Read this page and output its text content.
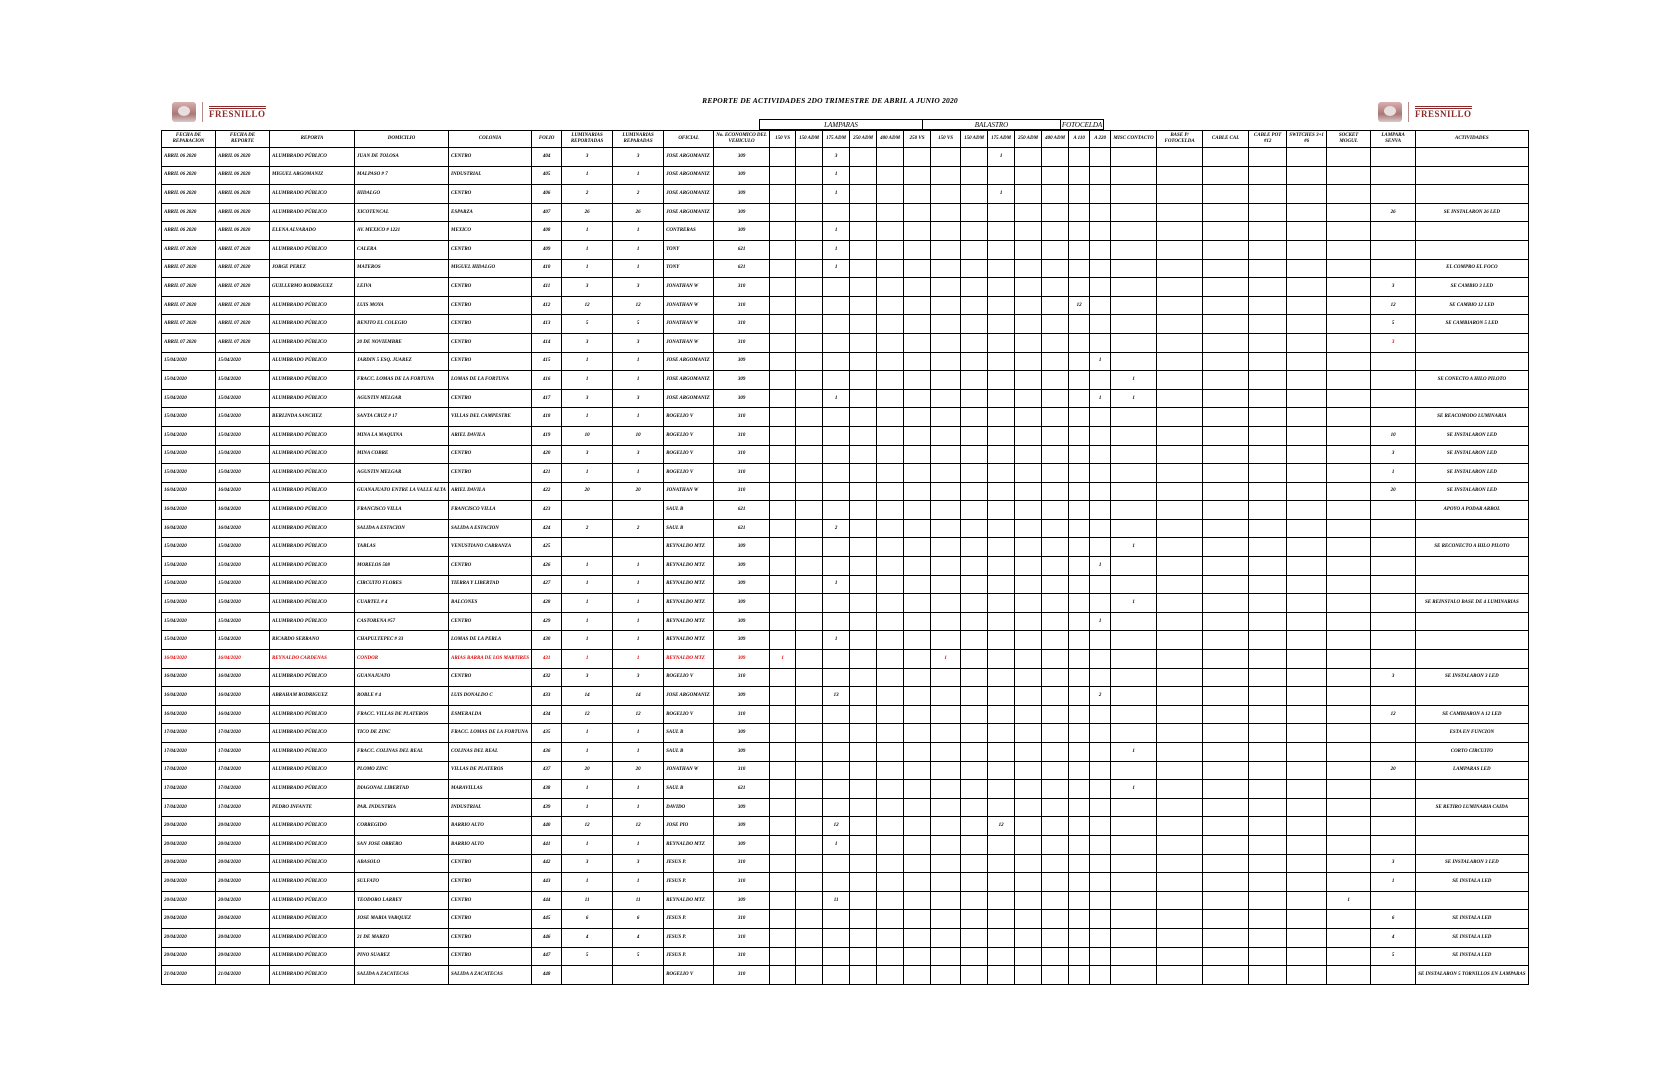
REPORTE DE ACTIVIDADES 2DO TRIMESTRE DE ABRIL A JUNIO 2020
FRESNILLO	FRESNILLO
LAMPARAS	BALASTRO	FOTOCELDA
FECHA DE REPARACION	FECHA DE REPORTE	REPORTA	DOMICILIO	COLONIA	FOLIO	LUMINARIAS REPORTADAS	LUMINARIAS REPARADAS	OFICIAL	No. ECONOMICO DEL VEHICULO	150 VS	150 ADM	175 ADM	250 ADM	400 ADM	250 VS	150 VS	150 ADM	175 ADM	250 ADM	400 ADM	A 110	A 220	MISC CONTACTO	BASE P/ FOTOCELDA	CABLE CAL	CABLE POT #12	SWITCHES 3+1 #6	SOCKET MOGUL	LAMPARA SENVA	ACTIVIDADES
ABRIL 06 2020	ABRIL 06 2020	ALUMBRADO PÚBLICO	JUAN DE TOLOSA	CENTRO	404	3	3	JOSE ARGOMANIZ	309			3						1												
ABRIL 06 2020	ABRIL 06 2020	MIGUEL ARGOMANIZ	MALPASO # 7	INDUSTRIAL	405	1	1	JOSE ARGOMANIZ	309			1																		
ABRIL 06 2020	ABRIL 06 2020	ALUMBRADO PÚBLICO	HIDALGO	CENTRO	406	2	2	JOSE ARGOMANIZ	309			1						1												
ABRIL 06 2020	ABRIL 06 2020	ALUMBRADO PÚBLICO	XICOTENCAL	ESPARZA	407	26	26	JOSE ARGOMANIZ	309																				26	SE INSTALARON 26 LED
ABRIL 06 2020	ABRIL 06 2020	ELENA ALVARADO	AV. MEXICO # 1221	MEXICO	408	1	1	CONTRERAS	309			1																		
ABRIL 07 2020	ABRIL 07 2020	ALUMBRADO PÚBLICO	CALERA	CENTRO	409	1	1	TONY	621			1																		
ABRIL 07 2020	ABRIL 07 2020	JORGE PEREZ	MATEROS	MIGUEL HIDALGO	410	1	1	TONY	621			1																		EL COMPRO EL FOCO
ABRIL 07 2020	ABRIL 07 2020	GUILLERMO RODRIGUEZ	LEIVA	CENTRO	411	3	3	JONATHAN W	310																				3	SE CAMBIO 3 LED
ABRIL 07 2020	ABRIL 07 2020	ALUMBRADO PÚBLICO	LUIS MOYA	CENTRO	412	12	12	JONATHAN W	310												12								12	SE CAMBIO 12 LED
ABRIL 07 2020	ABRIL 07 2020	ALUMBRADO PÚBLICO	BENITO EL COLEGIO	CENTRO	413	5	5	JONATHAN W	310																				5	SE CAMBIARON 5 LED
ABRIL 07 2020	ABRIL 07 2020	ALUMBRADO PÚBLICO	20 DE NOVIEMBRE	CENTRO	414	3	3	JONATHAN W	310																				3	
15/04/2020	15/04/2020	ALUMBRADO PÚBLICO	JARDIN 5 ESQ. JUAREZ	CENTRO	415	1	1	JOSE ARGOMANIZ	309													1								
15/04/2020	15/04/2020	ALUMBRADO PÚBLICO	FRACC. LOMAS DE LA FORTUNA	LOMAS DE LA FORTUNA	416	1	1	JOSE ARGOMANIZ	309														1							SE CONECTO A HILO PILOTO
15/04/2020	15/04/2020	ALUMBRADO PÚBLICO	AGUSTIN MELGAR	CENTRO	417	3	3	JOSE ARGOMANIZ	309			1										1	1							
15/04/2020	15/04/2020	BERLINDA SANCHEZ	SANTA CRUZ # 17	VILLAS DEL CAMPESTRE	418	1	1	ROGELIO V	310																					SE REACOMODO LUMINARIA
15/04/2020	15/04/2020	ALUMBRADO PÚBLICO	MINA LA MAQUINA	ARIEL DAVILA	419	10	10	ROGELIO V	310																				10	SE INSTALARON LED
15/04/2020	15/04/2020	ALUMBRADO PÚBLICO	MINA COBRE	CENTRO	420	3	3	ROGELIO V	310																				3	SE INSTALARON LED
15/04/2020	15/04/2020	ALUMBRADO PÚBLICO	AGUSTIN MELGAR	CENTRO	421	1	1	ROGELIO V	310																				1	SE INSTALARON LED
16/04/2020	16/04/2020	ALUMBRADO PÚBLICO	GUANAJUATO ENTRE LA VALLE ALTA	ARIEL DAVILA	422	20	20	JONATHAN W	310																				20	SE INSTALARON LED
16/04/2020	16/04/2020	ALUMBRADO PÚBLICO	FRANCISCO VILLA	FRANCISCO VILLA	423			SAUL B	621																					APOYO A PODAR ARBOL
16/04/2020	16/04/2020	ALUMBRADO PÚBLICO	SALIDA A ESTACION	SALIDA A ESTACION	424	2	2	SAUL B	621			2																		
15/04/2020	15/04/2020	ALUMBRADO PÚBLICO	TABLAS	VENUSTIANO CARRANZA	425			REYNALDO MTZ	309														1							SE RECONECTO A HILO PILOTO
15/04/2020	15/04/2020	ALUMBRADO PÚBLICO	MORELOS 508	CENTRO	426	1	1	REYNALDO MTZ	309													1								
15/04/2020	15/04/2020	ALUMBRADO PÚBLICO	CIRCUITO FLORES	TIERRA Y LIBERTAD	427	1	1	REYNALDO MTZ	309			1																		
15/04/2020	15/04/2020	ALUMBRADO PÚBLICO	CUARTEL # 4	BALCONES	428	1	1	REYNALDO MTZ	309														1							SE REINSTALO BASE DE 4 LUMINARIAS
15/04/2020	15/04/2020	ALUMBRADO PÚBLICO	CASTORENA #57	CENTRO	429	1	1	REYNALDO MTZ	309													1								
15/04/2020	15/04/2020	RICARDO SERRANO	CHAPULTEPEC # 33	LOMAS DE LA PERLA	430	1	1	REYNALDO MTZ	309			1																		
16/04/2020	16/04/2020	REYNALDO CARDENAS	CONDOR	ARIAS BARRA DE LOS MARTIRES	431	1	1	REYNALDO MTZ	309	1						1														
16/04/2020	16/04/2020	ALUMBRADO PÚBLICO	GUANAJUATO	CENTRO	432	3	3	ROGELIO V	310																				3	SE INSTALARON 3 LED
16/04/2020	16/04/2020	ABRAHAM RODRIGUEZ	ROBLE # 4	LUIS DONALDO C	433	14	14	JOSE ARGOMANIZ	309			13										2								
16/04/2020	16/04/2020	ALUMBRADO PÚBLICO	FRACC. VILLAS DE PLATEROS	ESMERALDA	434	12	12	ROGELIO V	310																				12	SE CAMBIARON A 12 LED
17/04/2020	17/04/2020	ALUMBRADO PÚBLICO	TICO DE ZINC	FRACC. LOMAS DE LA FORTUNA	435	1	1	SAUL B	309																					ESTA EN FUNCION
17/04/2020	17/04/2020	ALUMBRADO PÚBLICO	FRACC. COLINAS DEL REAL	COLINAS DEL REAL	436	1	1	SAUL B	309														1							CORTO CIRCUITO
17/04/2020	17/04/2020	ALUMBRADO PÚBLICO	PLOMO ZINC	VILLAS DE PLATEROS	437	20	20	JONATHAN W	310																				20	LAMPARAS LED
17/04/2020	17/04/2020	ALUMBRADO PÚBLICO	DIAGONAL LIBERTAD	MARAVILLAS	438	1	1	SAUL B	621														1							
17/04/2020	17/04/2020	PEDRO INFANTE	PAR. INDUSTRIA	INDUSTRIAL	439	1	1	DAVIDO	309																					SE RETIRO LUMINARIA CAIDA
20/04/2020	20/04/2020	ALUMBRADO PÚBLICO	CORREGIDO	BARRIO ALTO	440	12	12	JOSE PIO	309			12						12												
20/04/2020	20/04/2020	ALUMBRADO PÚBLICO	SAN JOSE OBRERO	BARRIO ALTO	441	1	1	REYNALDO MTZ	309			1																		
20/04/2020	20/04/2020	ALUMBRADO PÚBLICO	ABASOLO	CENTRO	442	3	3	JESUS P.	310																				3	SE INSTALARON 3 LED
20/04/2020	20/04/2020	ALUMBRADO PÚBLICO	SULFATO	CENTRO	443	1	1	JESUS P.	310																				1	SE INSTALA LED
20/04/2020	20/04/2020	ALUMBRADO PÚBLICO	TEODORO LARREY	CENTRO	444	11	11	REYNALDO MTZ	309			11																1		
20/04/2020	20/04/2020	ALUMBRADO PÚBLICO	JOSE MARIA VARQUEZ	CENTRO	445	6	6	JESUS P.	310																				6	SE INSTALA LED
20/04/2020	20/04/2020	ALUMBRADO PÚBLICO	21 DE MARZO	CENTRO	446	4	4	JESUS P.	310																				4	SE INSTALA LED
20/04/2020	20/04/2020	ALUMBRADO PÚBLICO	PINO SUAREZ	CENTRO	447	5	5	JESUS P.	310																				5	SE INSTALA LED
21/04/2020	21/04/2020	ALUMBRADO PÚBLICO	SALIDA A ZACATECAS	SALIDA A ZACATECAS	448			ROGELIO V	310																					SE INSTALARON 5 TORNILLOS EN LAMPARAS
